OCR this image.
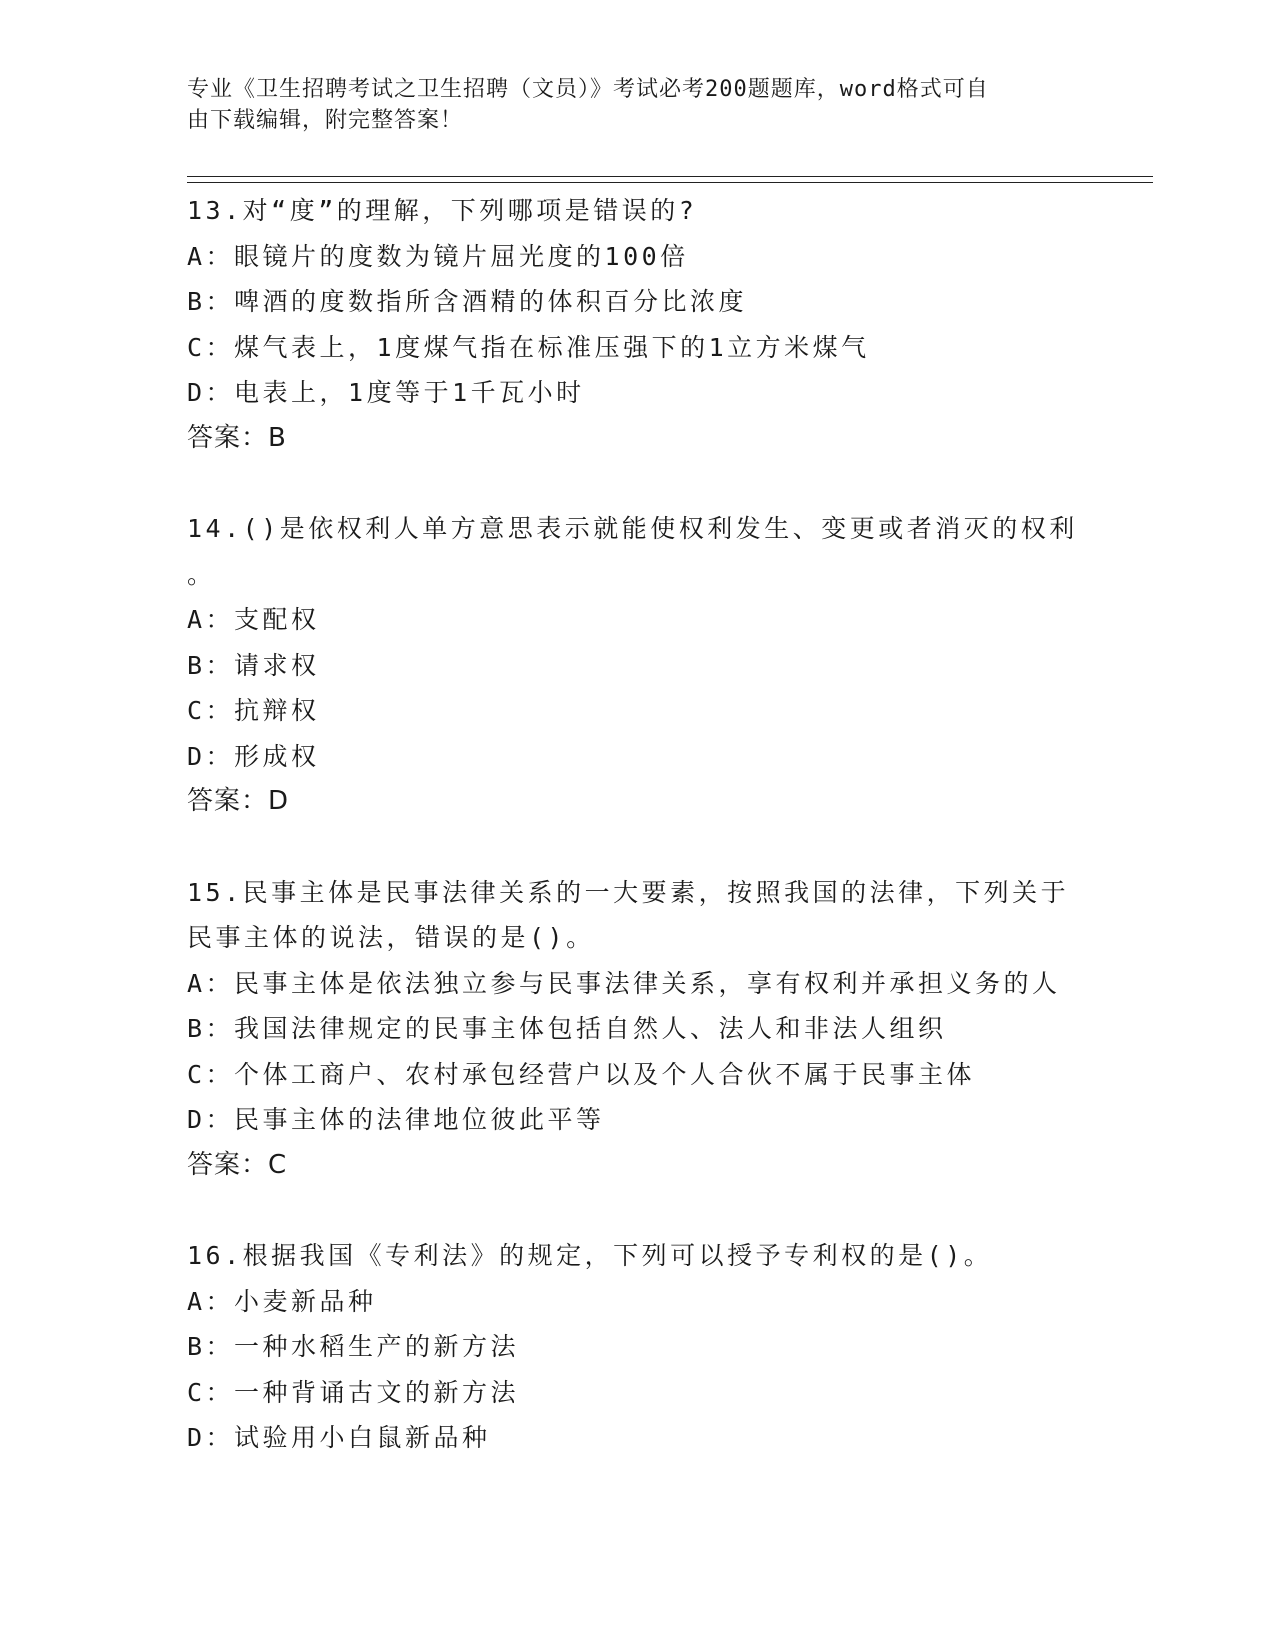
专业《卫生招聘考试之卫生招聘（文员）》考试必考200题题库，word格式可自
由下载编辑，附完整答案！
13.对“度”的理解，下列哪项是错误的?
A：眼镜片的度数为镜片屈光度的100倍
B：啤酒的度数指所含酒精的体积百分比浓度
C：煤气表上，1度煤气指在标准压强下的1立方米煤气
D：电表上，1度等于1千瓦小时
答案：B
14.()是依权利人单方意思表示就能使权利发生、变更或者消灭的权利
。
A：支配权
B：请求权
C：抗辩权
D：形成权
答案：D
15.民事主体是民事法律关系的一大要素，按照我国的法律，下列关于
民事主体的说法，错误的是()。
A：民事主体是依法独立参与民事法律关系，享有权利并承担义务的人
B：我国法律规定的民事主体包括自然人、法人和非法人组织
C：个体工商户、农村承包经营户以及个人合伙不属于民事主体
D：民事主体的法律地位彼此平等
答案：C
16.根据我国《专利法》的规定，下列可以授予专利权的是()。
A：小麦新品种
B：一种水稻生产的新方法
C：一种背诵古文的新方法
D：试验用小白鼠新品种
